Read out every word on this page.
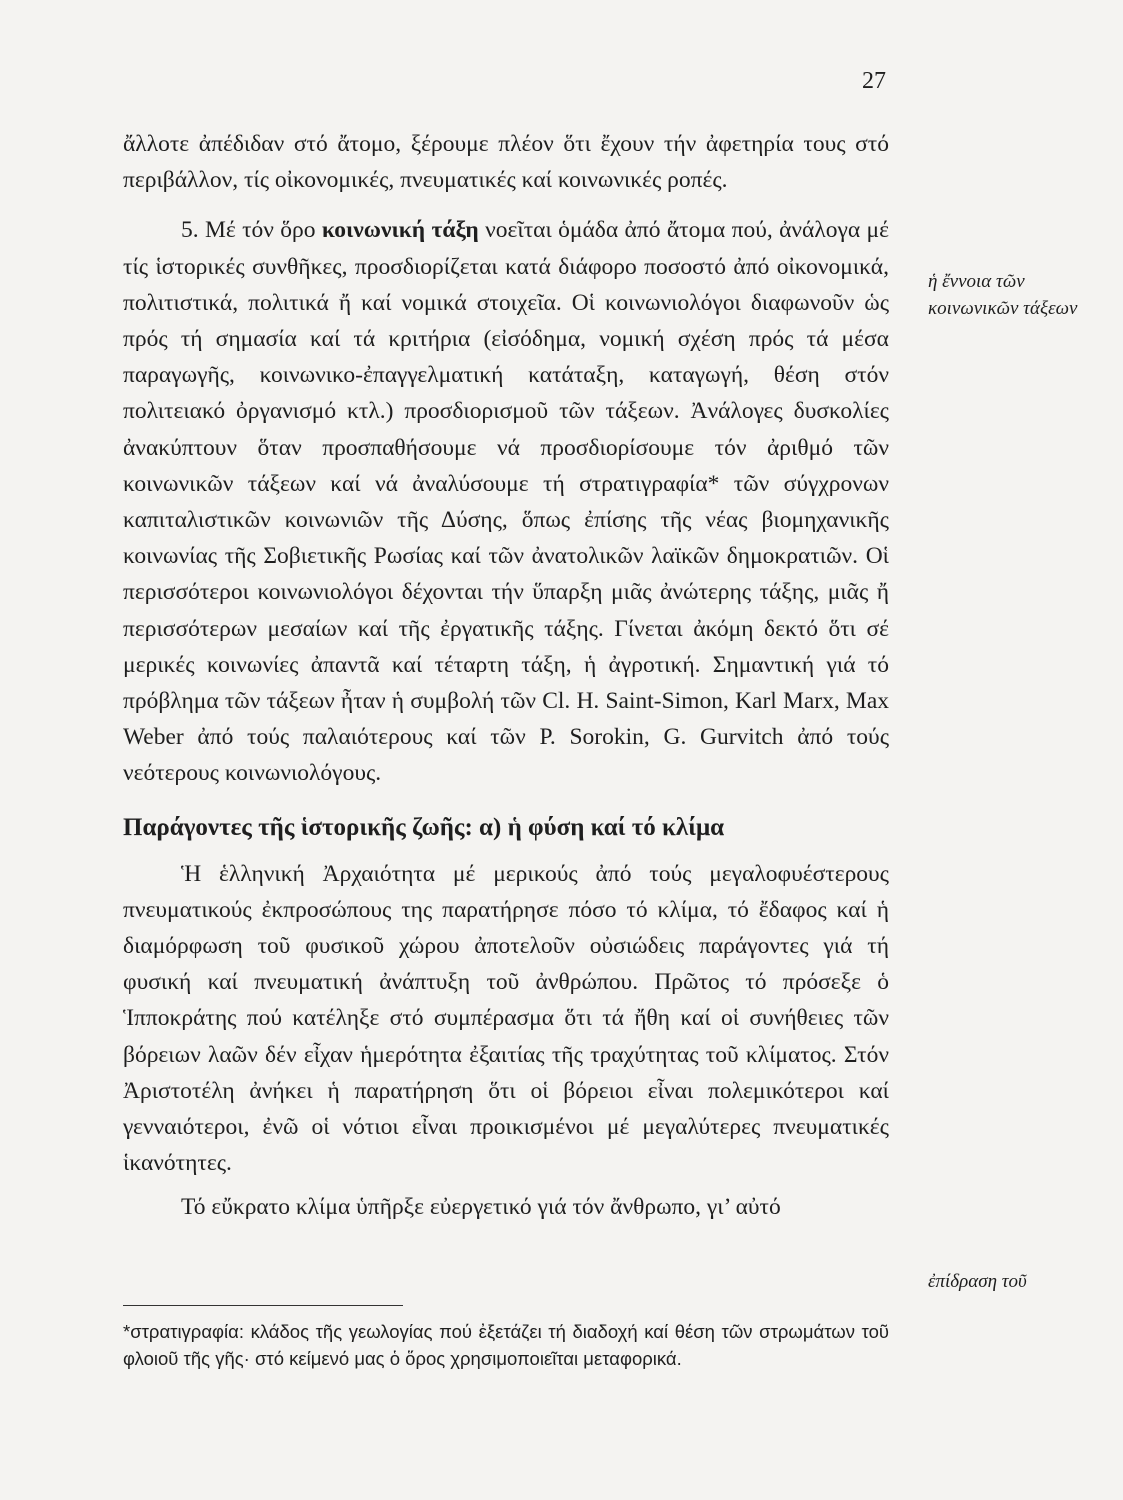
27

ἄλλοτε ἀπέδιδαν στό ἄτομο, ξέρουμε πλέον ὅτι ἔχουν τήν ἀφετηρία τους στό περιβάλλον, τίς οἰκονομικές, πνευματικές καί κοινωνικές ροπές.

5. Μέ τόν ὅρο κοινωνική τάξη νοεῖται ὁμάδα ἀπό ἄτομα πού, ἀνάλογα μέ τίς ἱστορικές συνθῆκες, προσδιορίζεται κατά διάφορο ποσοστό ἀπό οἰκονομικά, πολιτιστικά, πολιτικά ἤ καί νομικά στοιχεῖα. Οἱ κοινωνιολόγοι διαφωνοῦν ὡς πρός τή σημασία καί τά κριτήρια (εἰσόδημα, νομική σχέση πρός τά μέσα παραγωγῆς, κοινωνικο-ἐπαγγελματική κατάταξη, καταγωγή, θέση στόν πολιτειακό ὀργανισμό κτλ.) προσδιορισμοῦ τῶν τάξεων. Ἀνάλογες δυσκολίες ἀνακύπτουν ὅταν προσπαθήσουμε νά προσδιορίσουμε τόν ἀριθμό τῶν κοινωνικῶν τάξεων καί νά ἀναλύσουμε τή στρατιγραφία* τῶν σύγχρονων καπιταλιστικῶν κοινωνιῶν τῆς Δύσης, ὅπως ἐπίσης τῆς νέας βιομηχανικῆς κοινωνίας τῆς Σοβιετικῆς Ρωσίας καί τῶν ἀνατολικῶν λαϊκῶν δημοκρατιῶν. Οἱ περισσότεροι κοινωνιολόγοι δέχονται τήν ὕπαρξη μιᾶς ἀνώτερης τάξης, μιᾶς ἤ περισσότερων μεσαίων καί τῆς ἐργατικῆς τάξης. Γίνεται ἀκόμη δεκτό ὅτι σέ μερικές κοινωνίες ἀπαντᾶ καί τέταρτη τάξη, ἡ ἀγροτική. Σημαντική γιά τό πρόβλημα τῶν τάξεων ἦταν ἡ συμβολή τῶν Cl. H. Saint-Simon, Karl Marx, Max Weber ἀπό τούς παλαιότερους καί τῶν P. Sorokin, G. Gurvitch ἀπό τούς νεότερους κοινωνιολόγους.

Παράγοντες τῆς ἱστορικῆς ζωῆς: α) ἡ φύση καί τό κλίμα

Ἡ ἑλληνική Ἀρχαιότητα μέ μερικούς ἀπό τούς μεγαλοφυέστερους πνευματικούς ἐκπροσώπους της παρατήρησε πόσο τό κλίμα, τό ἔδαφος καί ἡ διαμόρφωση τοῦ φυσικοῦ χώρου ἀποτελοῦν οὐσιώδεις παράγοντες γιά τή φυσική καί πνευματική ἀνάπτυξη τοῦ ἀνθρώπου. Πρῶτος τό πρόσεξε ὁ Ἱπποκράτης πού κατέληξε στό συμπέρασμα ὅτι τά ἤθη καί οἱ συνήθειες τῶν βόρειων λαῶν δέν εἶχαν ἡμερότητα ἐξαιτίας τῆς τραχύτητας τοῦ κλίματος. Στόν Ἀριστοτέλη ἀνήκει ἡ παρατήρηση ὅτι οἱ βόρειοι εἶναι πολεμικότεροι καί γενναιότεροι, ἐνῶ οἱ νότιοι εἶναι προικισμένοι μέ μεγαλύτερες πνευματικές ἱκανότητες.

Τό εὔκρατο κλίμα ὑπῆρξε εὐεργετικό γιά τόν ἄνθρωπο, γι’ αὐτό

ἡ ἔννοια τῶν κοινωνικῶν τάξεων
ἐπίδραση τοῦ
*στρατιγραφία: κλάδος τῆς γεωλογίας πού ἐξετάζει τή διαδοχή καί θέση τῶν στρωμάτων τοῦ φλοιοῦ τῆς γῆς· στό κείμενό μας ὁ ὅρος χρησιμοποιεῖται μεταφορικά.
